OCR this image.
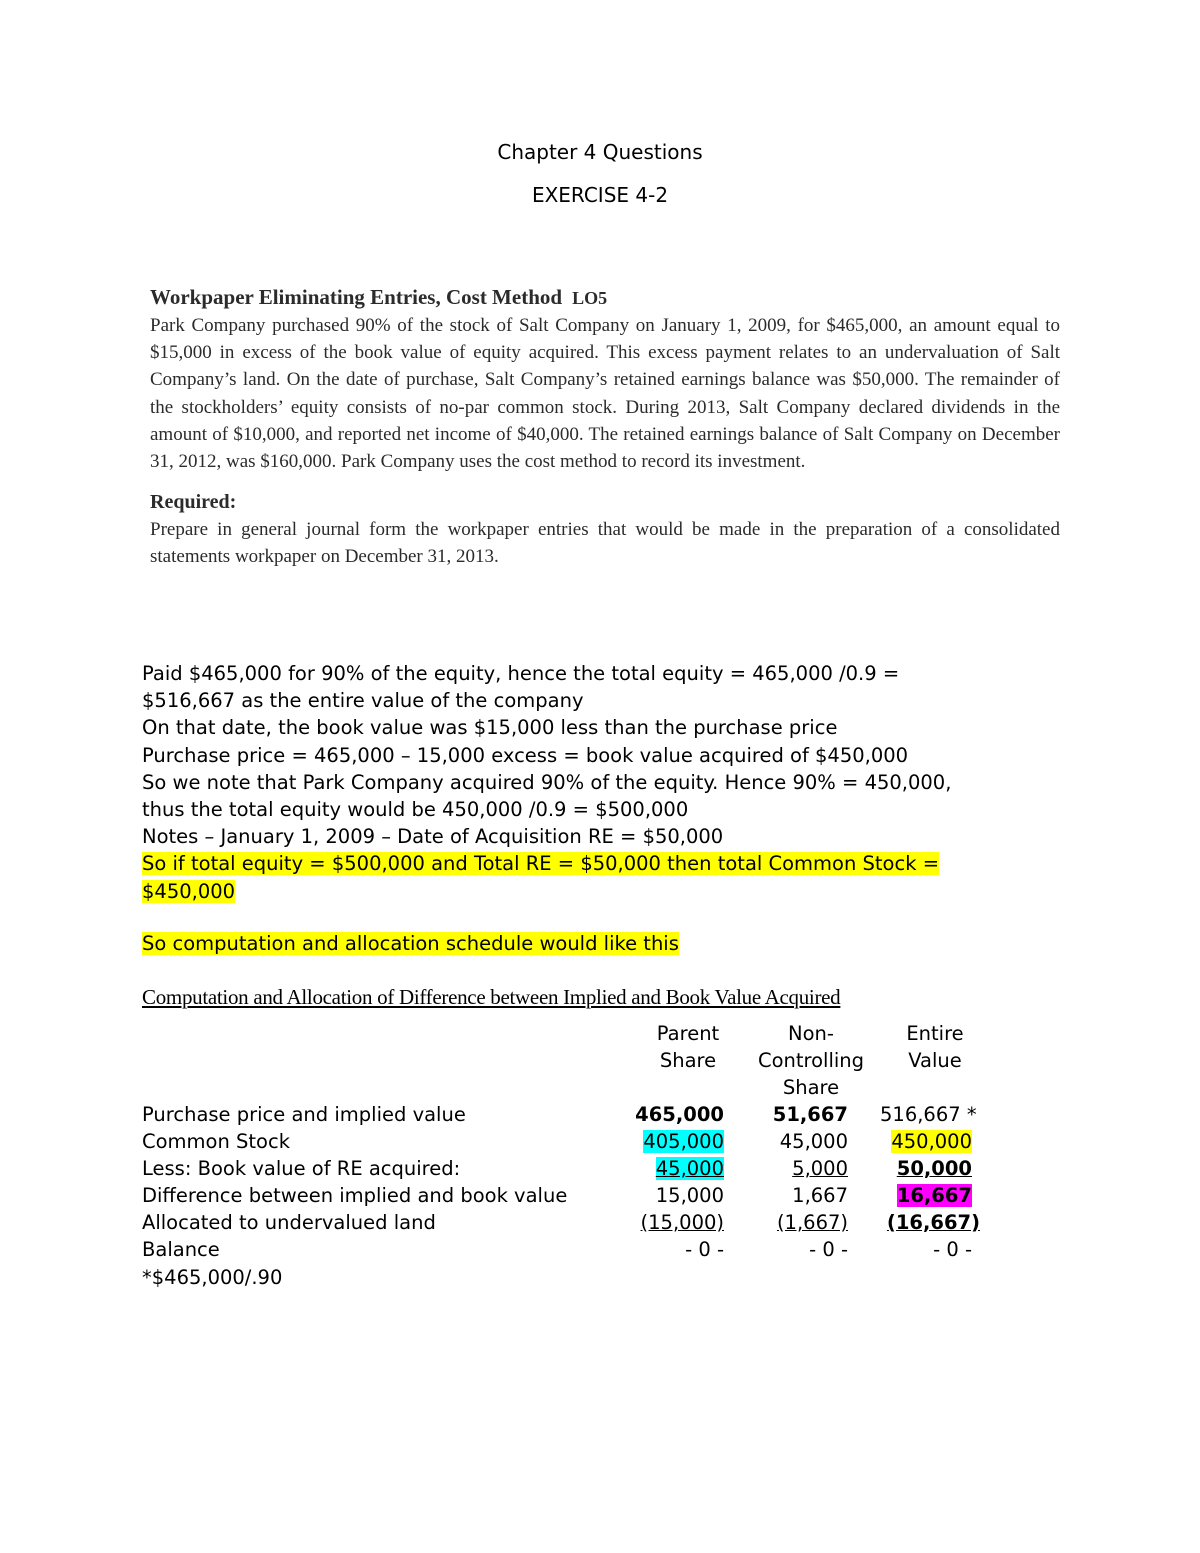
Chapter 4 Questions
EXERCISE 4-2
Workpaper Eliminating Entries, Cost Method LO5
Park Company purchased 90% of the stock of Salt Company on January 1, 2009, for $465,000, an amount equal to $15,000 in excess of the book value of equity acquired. This excess payment relates to an undervaluation of Salt Company’s land. On the date of purchase, Salt Company’s retained earnings balance was $50,000. The remainder of the stockholders’ equity consists of no-par common stock. During 2013, Salt Company declared dividends in the amount of $10,000, and reported net income of $40,000. The retained earnings balance of Salt Company on December 31, 2012, was $160,000. Park Company uses the cost method to record its investment.
Required:
Prepare in general journal form the workpaper entries that would be made in the preparation of a consolidated statements workpaper on December 31, 2013.
Paid $465,000 for 90% of the equity, hence the total equity = 465,000 /0.9 =
$516,667 as the entire value of the company
On that date, the book value was $15,000 less than the purchase price
Purchase price = 465,000 – 15,000 excess = book value acquired of $450,000
So we note that Park Company acquired 90% of the equity. Hence 90% = 450,000,
thus the total equity would be 450,000 /0.9 = $500,000
Notes – January 1, 2009 – Date of Acquisition RE = $50,000
So if total equity = $500,000 and Total RE = $50,000 then total Common Stock =
$450,000
So computation and allocation schedule would like this
Computation and Allocation of Difference between Implied and Book Value Acquired
Parent
Share
Non-
Controlling
Share
Entire
Value
Purchase price and implied value	465,000	51,667 516,667 *
Common Stock	405,000	45,000	450,000
Less: Book value of RE acquired:	45,000	5,000	50,000
Difference between implied and book value	15,000	1,667	16,667
Allocated to undervalued land	(15,000)	(1,667)	(16,667)
Balance	- 0 -	- 0 -	- 0 -
*$465,000/.90
